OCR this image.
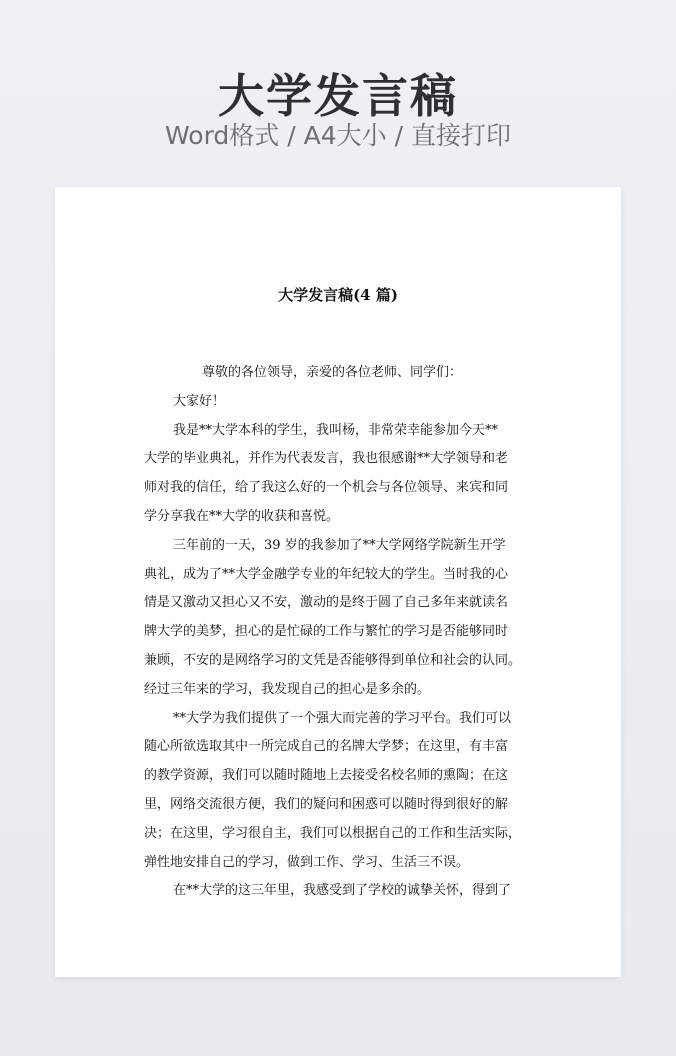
大学发言稿
Word格式 / A4大小 / 直接打印
大学发言稿(4 篇)
尊敬的各位领导，亲爱的各位老师、同学们：
大家好！
我是**大学本科的学生，我叫杨，非常荣幸能参加今天**
大学的毕业典礼，并作为代表发言，我也很感谢**大学领导和老
师对我的信任，给了我这么好的一个机会与各位领导、来宾和同
学分享我在**大学的收获和喜悦。
三年前的一天，39 岁的我参加了**大学网络学院新生开学
典礼，成为了**大学金融学专业的年纪较大的学生。当时我的心
情是又激动又担心又不安，激动的是终于圆了自己多年来就读名
牌大学的美梦，担心的是忙碌的工作与繁忙的学习是否能够同时
兼顾，不安的是网络学习的文凭是否能够得到单位和社会的认同。
经过三年来的学习，我发现自己的担心是多余的。
**大学为我们提供了一个强大而完善的学习平台。我们可以
随心所欲选取其中一所完成自己的名牌大学梦；在这里，有丰富
的教学资源，我们可以随时随地上去接受名校名师的熏陶；在这
里，网络交流很方便，我们的疑问和困惑可以随时得到很好的解
决；在这里，学习很自主，我们可以根据自己的工作和生活实际，
弹性地安排自己的学习，做到工作、学习、生活三不误。
在**大学的这三年里，我感受到了学校的诚挚关怀，得到了
